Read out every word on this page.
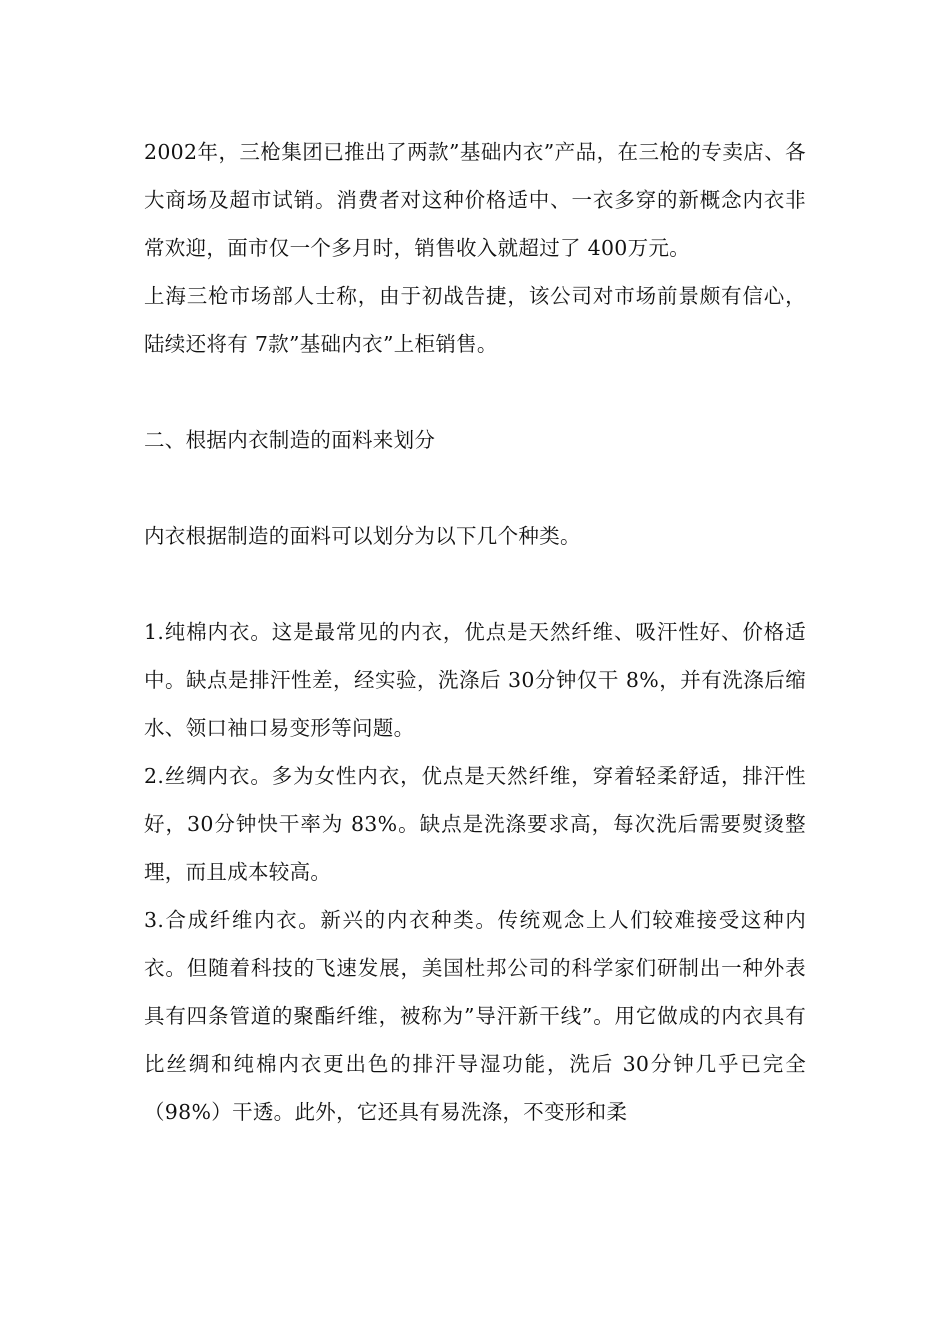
2002年，三枪集团已推出了两款”基础内衣”产品，在三枪的专卖店、各大商场及超市试销。消费者对这种价格适中、一衣多穿的新概念内衣非常欢迎，面市仅一个多月时，销售收入就超过了 400万元。

上海三枪市场部人士称，由于初战告捷，该公司对市场前景颇有信心，陆续还将有 7款”基础内衣”上柜销售。

二、根据内衣制造的面料来划分

内衣根据制造的面料可以划分为以下几个种类。

1.纯棉内衣。这是最常见的内衣，优点是天然纤维、吸汗性好、价格适中。缺点是排汗性差，经实验，洗涤后 30分钟仅干 8%，并有洗涤后缩水、领口袖口易变形等问题。

2.丝绸内衣。多为女性内衣，优点是天然纤维，穿着轻柔舒适，排汗性好，30分钟快干率为 83%。缺点是洗涤要求高，每次洗后需要熨烫整理，而且成本较高。

3.合成纤维内衣。新兴的内衣种类。传统观念上人们较难接受这种内衣。但随着科技的飞速发展，美国杜邦公司的科学家们研制出一种外表具有四条管道的聚酯纤维，被称为”导汗新干线”。用它做成的内衣具有比丝绸和纯棉内衣更出色的排汗导湿功能，洗后 30分钟几乎已完全（98%）干透。此外，它还具有易洗涤，不变形和柔
